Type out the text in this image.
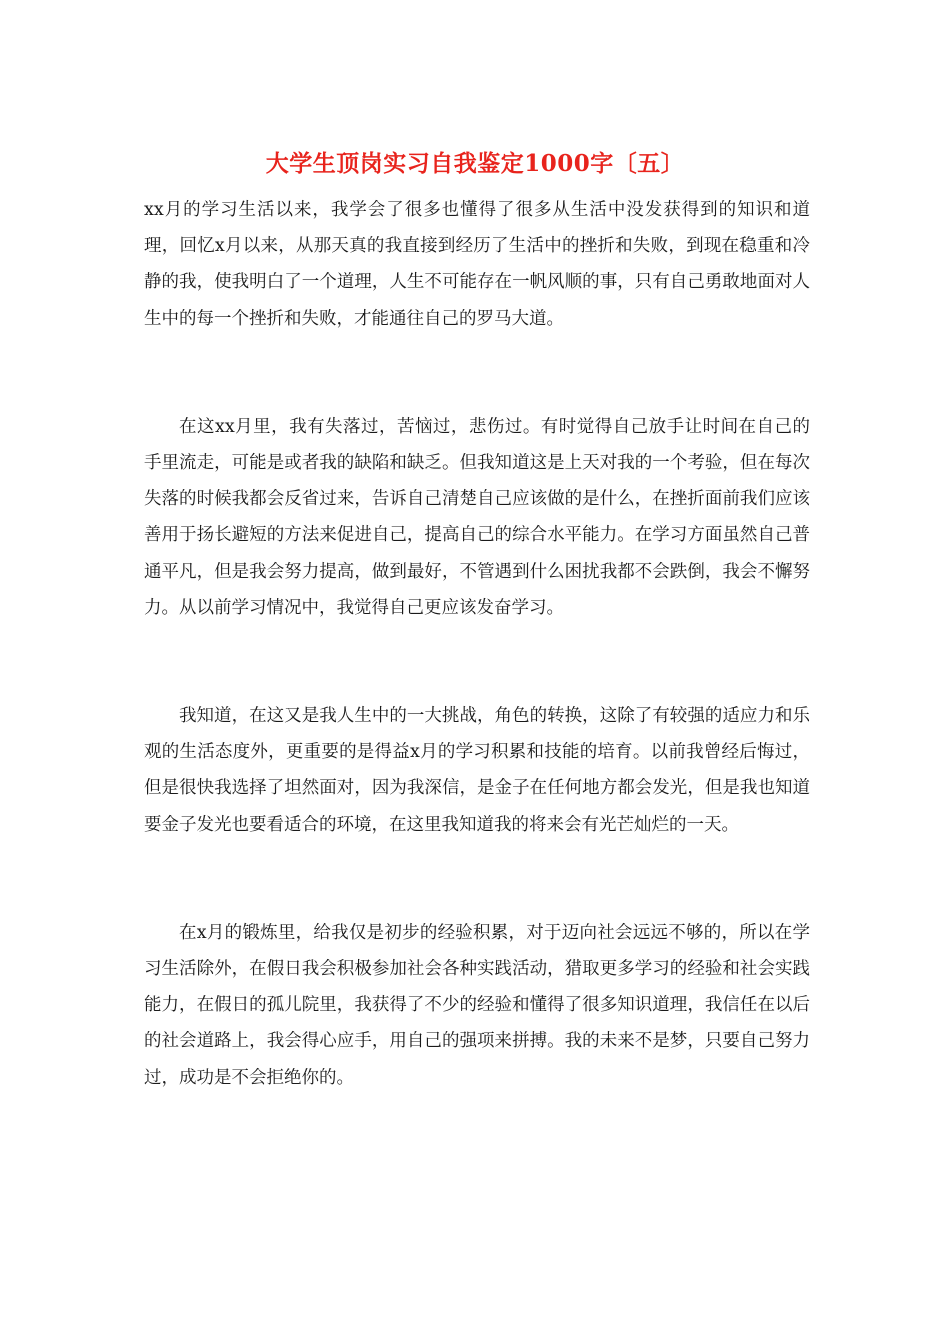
大学生顶岗实习自我鉴定1000字〔五〕

xx月的学习生活以来，我学会了很多也懂得了很多从生活中没发获得到的知识和道理，回忆x月以来，从那天真的我直接到经历了生活中的挫折和失败，到现在稳重和冷静的我，使我明白了一个道理，人生不可能存在一帆风顺的事，只有自己勇敢地面对人生中的每一个挫折和失败，才能通往自己的罗马大道。

在这xx月里，我有失落过，苦恼过，悲伤过。有时觉得自己放手让时间在自己的手里流走，可能是或者我的缺陷和缺乏。但我知道这是上天对我的一个考验，但在每次失落的时候我都会反省过来，告诉自己清楚自己应该做的是什么，在挫折面前我们应该善用于扬长避短的方法来促进自己，提高自己的综合水平能力。在学习方面虽然自己普通平凡，但是我会努力提高，做到最好，不管遇到什么困扰我都不会跌倒，我会不懈努力。从以前学习情况中，我觉得自己更应该发奋学习。

我知道，在这又是我人生中的一大挑战，角色的转换，这除了有较强的适应力和乐观的生活态度外，更重要的是得益x月的学习积累和技能的培育。以前我曾经后悔过，但是很快我选择了坦然面对，因为我深信，是金子在任何地方都会发光，但是我也知道要金子发光也要看适合的环境，在这里我知道我的将来会有光芒灿烂的一天。

在x月的锻炼里，给我仅是初步的经验积累，对于迈向社会远远不够的，所以在学习生活除外，在假日我会积极参加社会各种实践活动，猎取更多学习的经验和社会实践能力，在假日的孤儿院里，我获得了不少的经验和懂得了很多知识道理，我信任在以后的社会道路上，我会得心应手，用自己的强项来拼搏。我的未来不是梦，只要自己努力过，成功是不会拒绝你的。
